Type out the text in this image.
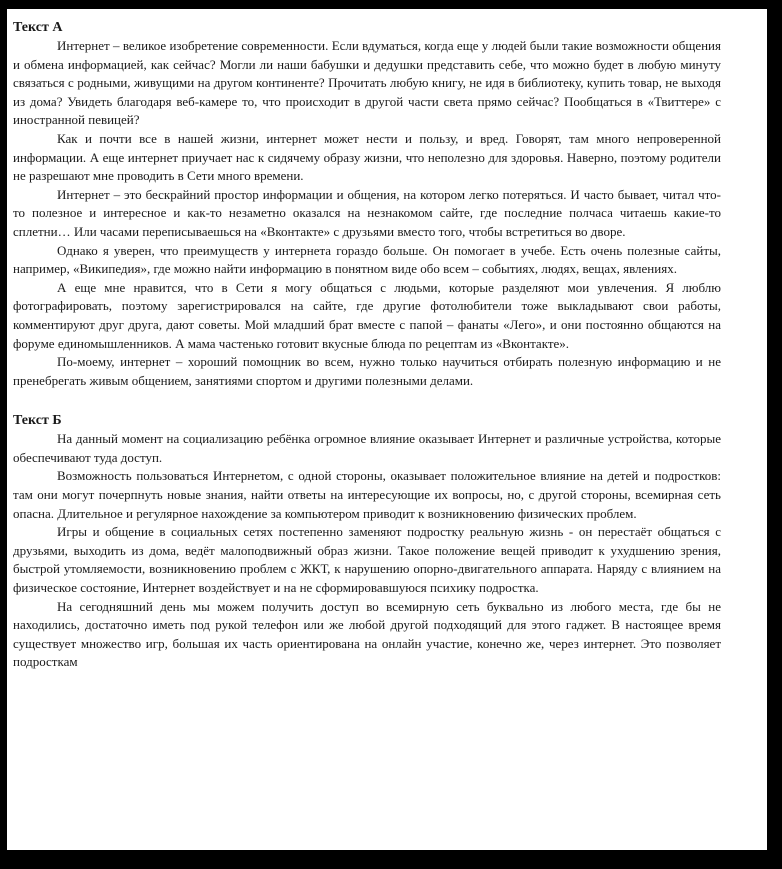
Текст А

Интернет – великое изобретение современности. Если вдуматься, когда еще у людей были такие возможности общения и обмена информацией, как сейчас? Могли ли наши бабушки и дедушки представить себе, что можно будет в любую минуту связаться с родными, живущими на другом континенте? Прочитать любую книгу, не идя в библиотеку, купить товар, не выходя из дома? Увидеть благодаря веб-камере то, что происходит в другой части света прямо сейчас? Пообщаться в «Твиттере» с иностранной певицей?

Как и почти все в нашей жизни, интернет может нести и пользу, и вред. Говорят, там много непроверенной информации. А еще интернет приучает нас к сидячему образу жизни, что неполезно для здоровья. Наверно, поэтому родители не разрешают мне проводить в Сети много времени.

Интернет – это бескрайний простор информации и общения, на котором легко потеряться. И часто бывает, читал что-то полезное и интересное и как-то незаметно оказался на незнакомом сайте, где последние полчаса читаешь какие-то сплетни… Или часами переписываешься на «Вконтакте» с друзьями вместо того, чтобы встретиться во дворе.

Однако я уверен, что преимуществ у интернета гораздо больше. Он помогает в учебе. Есть очень полезные сайты, например, «Википедия», где можно найти информацию в понятном виде обо всем – событиях, людях, вещах, явлениях.

А еще мне нравится, что в Сети я могу общаться с людьми, которые разделяют мои увлечения. Я люблю фотографировать, поэтому зарегистрировался на сайте, где другие фотолюбители тоже выкладывают свои работы, комментируют друг друга, дают советы. Мой младший брат вместе с папой – фанаты «Лего», и они постоянно общаются на форуме единомышленников. А мама частенько готовит вкусные блюда по рецептам из «Вконтакте».

По-моему, интернет – хороший помощник во всем, нужно только научиться отбирать полезную информацию и не пренебрегать живым общением, занятиями спортом и другими полезными делами.

Текст Б

На данный момент на социализацию ребёнка огромное влияние оказывает Интернет и различные устройства, которые обеспечивают туда доступ.

Возможность пользоваться Интернетом, с одной стороны, оказывает положительное влияние на детей и подростков: там они могут почерпнуть новые знания, найти ответы на интересующие их вопросы, но, с другой стороны, всемирная сеть опасна. Длительное и регулярное нахождение за компьютером приводит к возникновению физических проблем.

Игры и общение в социальных сетях постепенно заменяют подростку реальную жизнь - он перестаёт общаться с друзьями, выходить из дома, ведёт малоподвижный образ жизни. Такое положение вещей приводит к ухудшению зрения, быстрой утомляемости, возникновению проблем с ЖКТ, к нарушению опорно-двигательного аппарата. Наряду с влиянием на физическое состояние, Интернет воздействует и на не сформировавшуюся психику подростка.

На сегодняшний день мы можем получить доступ во всемирную сеть буквально из любого места, где бы не находились, достаточно иметь под рукой телефон или же любой другой подходящий для этого гаджет. В настоящее время существует множество игр, большая их часть ориентирована на онлайн участие, конечно же, через интернет. Это позволяет подросткам
